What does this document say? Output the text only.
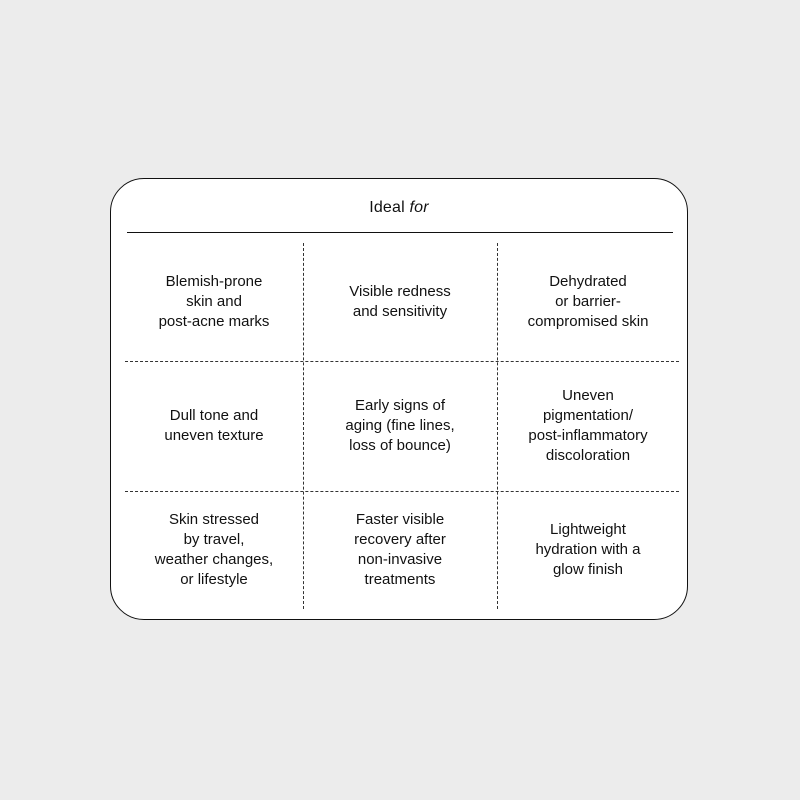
Ideal for
Blemish-prone
skin and
post-acne marks
Visible redness
and sensitivity
Dehydrated
or barrier-
compromised skin
Dull tone and
uneven texture
Early signs of
aging (fine lines,
loss of bounce)
Uneven
pigmentation/
post-inflammatory
discoloration
Skin stressed
by travel,
weather changes,
or lifestyle
Faster visible
recovery after
non-invasive
treatments
Lightweight
hydration with a
glow finish
